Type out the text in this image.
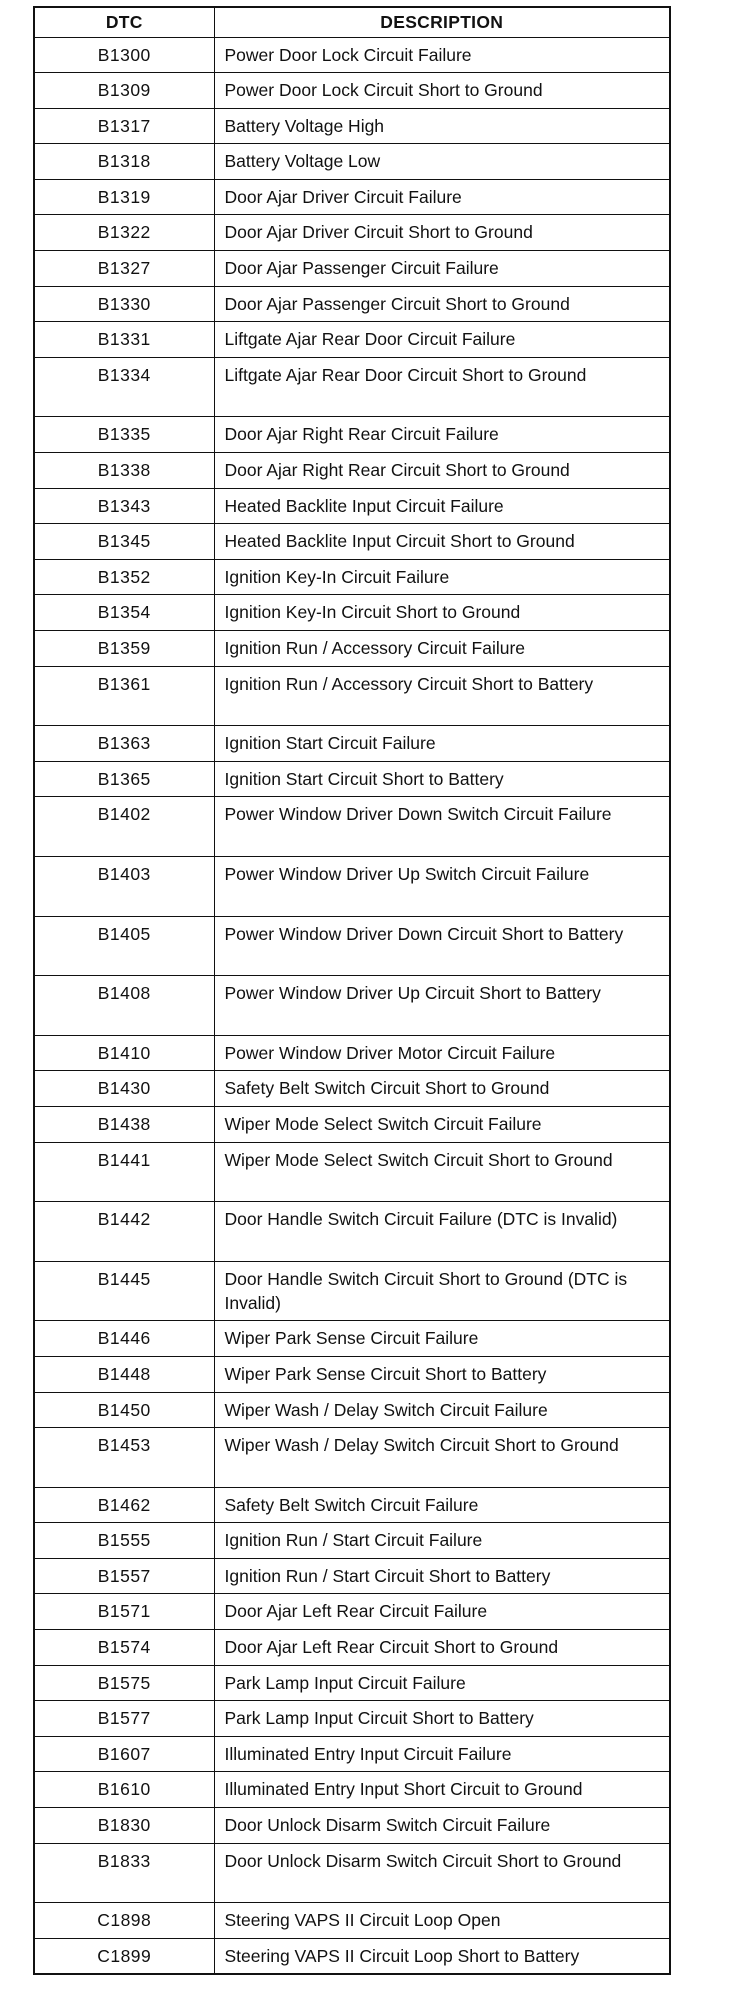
DTC	DESCRIPTION
B1300	Power Door Lock Circuit Failure
B1309	Power Door Lock Circuit Short to Ground
B1317	Battery Voltage High
B1318	Battery Voltage Low
B1319	Door Ajar Driver Circuit Failure
B1322	Door Ajar Driver Circuit Short to Ground
B1327	Door Ajar Passenger Circuit Failure
B1330	Door Ajar Passenger Circuit Short to Ground
B1331	Liftgate Ajar Rear Door Circuit Failure
B1334	Liftgate Ajar Rear Door Circuit Short to Ground
B1335	Door Ajar Right Rear Circuit Failure
B1338	Door Ajar Right Rear Circuit Short to Ground
B1343	Heated Backlite Input Circuit Failure
B1345	Heated Backlite Input Circuit Short to Ground
B1352	Ignition Key-In Circuit Failure
B1354	Ignition Key-In Circuit Short to Ground
B1359	Ignition Run / Accessory Circuit Failure
B1361	Ignition Run / Accessory Circuit Short to Battery
B1363	Ignition Start Circuit Failure
B1365	Ignition Start Circuit Short to Battery
B1402	Power Window Driver Down Switch Circuit Failure
B1403	Power Window Driver Up Switch Circuit Failure
B1405	Power Window Driver Down Circuit Short to Battery
B1408	Power Window Driver Up Circuit Short to Battery
B1410	Power Window Driver Motor Circuit Failure
B1430	Safety Belt Switch Circuit Short to Ground
B1438	Wiper Mode Select Switch Circuit Failure
B1441	Wiper Mode Select Switch Circuit Short to Ground
B1442	Door Handle Switch Circuit Failure (DTC is Invalid)
B1445	Door Handle Switch Circuit Short to Ground (DTC is Invalid)
B1446	Wiper Park Sense Circuit Failure
B1448	Wiper Park Sense Circuit Short to Battery
B1450	Wiper Wash / Delay Switch Circuit Failure
B1453	Wiper Wash / Delay Switch Circuit Short to Ground
B1462	Safety Belt Switch Circuit Failure
B1555	Ignition Run / Start Circuit Failure
B1557	Ignition Run / Start Circuit Short to Battery
B1571	Door Ajar Left Rear Circuit Failure
B1574	Door Ajar Left Rear Circuit Short to Ground
B1575	Park Lamp Input Circuit Failure
B1577	Park Lamp Input Circuit Short to Battery
B1607	Illuminated Entry Input Circuit Failure
B1610	Illuminated Entry Input Short Circuit to Ground
B1830	Door Unlock Disarm Switch Circuit Failure
B1833	Door Unlock Disarm Switch Circuit Short to Ground
C1898	Steering VAPS II Circuit Loop Open
C1899	Steering VAPS II Circuit Loop Short to Battery
